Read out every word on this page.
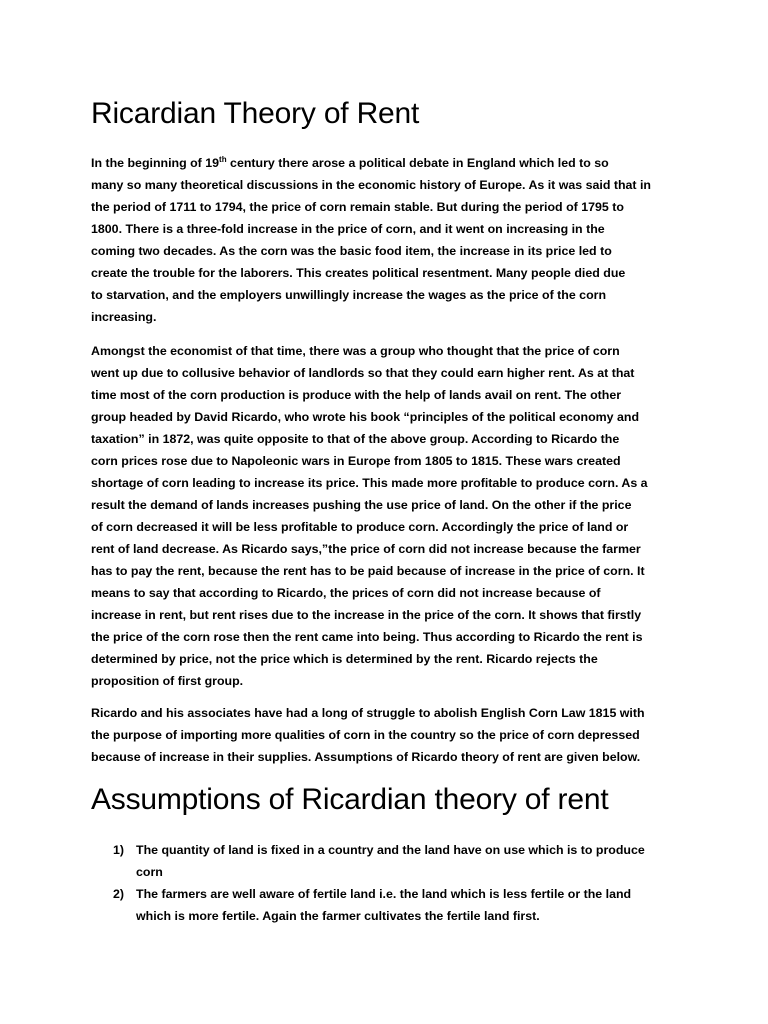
Ricardian Theory of Rent

In the beginning of 19th century there arose a political debate in England which led to so
many so many theoretical discussions in the economic history of Europe. As it was said that in
the period of 1711 to 1794, the price of corn remain stable. But during the period of 1795 to
1800. There is a three-fold increase in the price of corn, and it went on increasing in the
coming two decades. As the corn was the basic food item, the increase in its price led to
create the trouble for the laborers. This creates political resentment. Many people died due
to starvation, and the employers unwillingly increase the wages as the price of the corn
increasing.

Amongst the economist of that time, there was a group who thought that the price of corn
went up due to collusive behavior of landlords so that they could earn higher rent. As at that
time most of the corn production is produce with the help of lands avail on rent. The other
group headed by David Ricardo, who wrote his book “principles of the political economy and
taxation” in 1872, was quite opposite to that of the above group. According to Ricardo the
corn prices rose due to Napoleonic wars in Europe from 1805 to 1815. These wars created
shortage of corn leading to increase its price. This made more profitable to produce corn. As a
result the demand of lands increases pushing the use price of land. On the other if the price
of corn decreased it will be less profitable to produce corn. Accordingly the price of land or
rent of land decrease. As Ricardo says,”the price of corn did not increase because the farmer
has to pay the rent, because the rent has to be paid because of increase in the price of corn. It
means to say that according to Ricardo, the prices of corn did not increase because of
increase in rent, but rent rises due to the increase in the price of the corn. It shows that firstly
the price of the corn rose then the rent came into being. Thus according to Ricardo the rent is
determined by price, not the price which is determined by the rent. Ricardo rejects the
proposition of first group.

Ricardo and his associates have had a long of struggle to abolish English Corn Law 1815 with
the purpose of importing more qualities of corn in the country so the price of corn depressed
because of increase in their supplies. Assumptions of Ricardo theory of rent are given below.

Assumptions of Ricardian theory of rent
1) The quantity of land is fixed in a country and the land have on use which is to produce
corn
2) The farmers are well aware of fertile land i.e. the land which is less fertile or the land
which is more fertile. Again the farmer cultivates the fertile land first.
